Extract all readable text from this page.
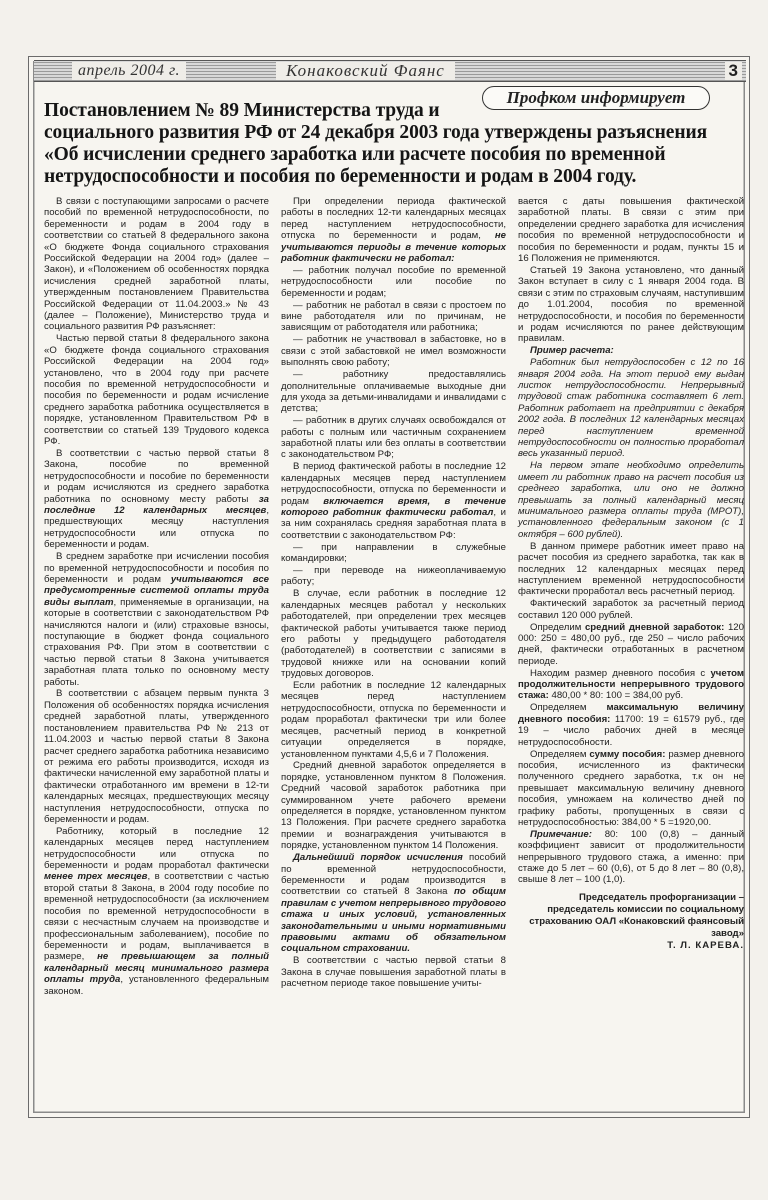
апрель 2004 г.	Конаковский Фаянс	3
Профком информирует
Постановлением № 89 Министерства труда и
социального развития РФ от 24 декабря 2003 года утверждены разъяснения
«Об исчислении среднего заработка или расчете пособия по временной
нетрудоспособности и пособия по беременности и родам в 2004 году.

В связи с поступающими запросами о расчете пособий по временной нетрудоспособности, по беременности и родам в 2004 году в соответствии со статьей 8 федерального закона «О бюджете Фонда социального страхования Российской Федерации на 2004 год» (далее – Закон), и «Положением об особенностях порядка исчисления средней заработной платы, утвержденным постановлением Правительства Российской Федерации от 11.04.2003.» № 43 (далее – Положение), Министерство труда и социального развития РФ разъясняет:

Частью первой статьи 8 федерального закона «О бюджете фонда социального страхования Российской Федерации на 2004 год» установлено, что в 2004 году при расчете пособия по временной нетрудоспособности и пособия по беременности и родам исчисление среднего заработка работника осуществляется в порядке, установленном Правительством РФ в соответствии со статьей 139 Трудового кодекса РФ.

В соответствии с частью первой статьи 8 Закона, пособие по временной нетрудоспособности и пособие по беременности и родам исчисляются из среднего заработка работника по основному месту работы за последние 12 календарных месяцев, предшествующих месяцу наступления нетрудоспособности или отпуска по беременности и родам.

В среднем заработке при исчислении пособия по временной нетрудоспособности и пособия по беременности и родам учитываются все предусмотренные системой оплаты труда виды выплат, применяемые в организации, на которые в соответствии с законодательством РФ начисляются налоги и (или) страховые взносы, поступающие в бюджет фонда социального страхования РФ. При этом в соответствии с частью первой статьи 8 Закона учитывается заработная плата только по основному месту работы.

В соответствии с абзацем первым пункта 3 Положения об особенностях порядка исчисления средней заработной платы, утвержденного постановлением правительства РФ № 213 от 11.04.2003 и частью первой статьи 8 Закона расчет среднего заработка работника независимо от режима его работы производится, исходя из фактически начисленной ему заработной платы и фактически отработанного им времени в 12-ти календарных месяцах, предшествующих месяцу наступления нетрудоспособности, отпуска по беременности и родам.

Работнику, который в последние 12 календарных месяцев перед наступлением нетрудоспособности или отпуска по беременности и родам проработал фактически менее трех месяцев, в соответствии с частью второй статьи 8 Закона, в 2004 году пособие по временной нетрудоспособности (за исключением пособия по временной нетрудоспособности в связи с несчастным случаем на производстве и профессиональным заболеванием), пособие по беременности и родам, выплачивается в размере, не превышающем за полный календарный месяц минимального размера оплаты труда, установленного федеральным законом.

При определении периода фактической работы в последних 12-ти календарных месяцах перед наступлением нетрудоспособности, отпуска по беременности и родам, не учитываются периоды в течение которых работник фактически не работал:

— работник получал пособие по временной нетрудоспособности или пособие по беременности и родам;

— работник не работал в связи с простоем по вине работодателя или по причинам, не зависящим от работодателя или работника;

— работник не участвовал в забастовке, но в связи с этой забастовкой не имел возможности выполнять свою работу;

— работнику предоставлялись дополнительные оплачиваемые выходные дни для ухода за детьми-инвалидами и инвалидами с детства;

— работник в других случаях освобождался от работы с полным или частичным сохранением заработной платы или без оплаты в соответствии с законодательством РФ;

В период фактической работы в последние 12 календарных месяцев перед наступлением нетрудоспособности, отпуска по беременности и родам включается время, в течение которого работник фактически работал, и за ним сохранялась средняя заработная плата в соответствии с законодательством РФ:

— при направлении в служебные командировки;

— при переводе на нижеоплачиваемую работу;

В случае, если работник в последние 12 календарных месяцев работал у нескольких работодателей, при определении трех месяцев фактической работы учитывается также период его работы у предыдущего работодателя (работодателей) в соответствии с записями в трудовой книжке или на основании копий трудовых договоров.

Если работник в последние 12 календарных месяцев перед наступлением нетрудоспособности, отпуска по беременности и родам проработал фактически три или более месяцев, расчетный период в конкретной ситуации определяется в порядке, установленном пунктами 4,5,6 и 7 Положения.

Средний дневной заработок определяется в порядке, установленном пунктом 8 Положения. Средний часовой заработок работника при суммированном учете рабочего времени определяется в порядке, установленном пунктом 13 Положения. При расчете среднего заработка премии и вознаграждения учитываются в порядке, установленном пунктом 14 Положения.

Дальнейший порядок исчисления пособий по временной нетрудоспособности, беременности и родам производится в соответствии со статьей 8 Закона по общим правилам с учетом непрерывного трудового стажа и иных условий, установленных законодательными и иными нормативными правовыми актами об обязательном социальном страховании.

В соответствии с частью первой статьи 8 Закона в случае повышения заработной платы в расчетном периоде такое повышение учиты-

вается с даты повышения фактической заработной платы. В связи с этим при определении среднего заработка для исчисления пособия по временной нетрудоспособности и пособия по беременности и родам, пункты 15 и 16 Положения не применяются.

Статьей 19 Закона установлено, что данный Закон вступает в силу с 1 января 2004 года. В связи с этим по страховым случаям, наступившим до 1.01.2004, пособия по временной нетрудоспособности, и пособия по беременности и родам исчисляются по ранее действующим правилам.

Пример расчета:

Работник был нетрудоспособен с 12 по 16 января 2004 года. На этот период ему выдан листок нетрудоспособности. Непрерывный трудовой стаж работника составляет 6 лет. Работник работает на предприятии с декабря 2002 года. В последних 12 календарных месяцах перед наступлением временной нетрудоспособности он полностью проработал весь указанный период.

На первом этапе необходимо определить имеет ли работник право на расчет пособия из среднего заработка, или оно не должно превышать за полный календарный месяц минимального размера оплаты труда (МРОТ), установленного федеральным законом (с 1 октября – 600 рублей).

В данном примере работник имеет право на расчет пособия из среднего заработка, так как в последних 12 календарных месяцах перед наступлением временной нетрудоспособности фактически проработал весь расчетный период.

Фактический заработок за расчетный период составил 120 000 рублей.

Определим средний дневной заработок: 120 000: 250 = 480,00 руб., где 250 – число рабочих дней, фактически отработанных в расчетном периоде.

Находим размер дневного пособия с учетом продолжительности непрерывного трудового стажа: 480,00 * 80: 100 = 384,00 руб.

Определяем максимальную величину дневного пособия: 11700: 19 = 61579 руб., где 19 – число рабочих дней в месяце нетрудоспособности.

Определяем сумму пособия: размер дневного пособия, исчисленного из фактически полученного среднего заработка, т.к он не превышает максимальную величину дневного пособия, умножаем на количество дней по графику работы, пропущенных в связи с нетрудоспособностью: 384,00 * 5 =1920,00.

Примечание: 80: 100 (0,8) – данный коэффициент зависит от продолжительности непрерывного трудового стажа, а именно: при стаже до 5 лет – 60 (0,6), от 5 до 8 лет – 80 (0,8), свыше 8 лет – 100 (1,0).

Председатель профорганизации –
председатель комиссии по социальному страхованию ОАЛ «Конаковский фаянсовый завод»
Т. Л. КАРЕВА.
